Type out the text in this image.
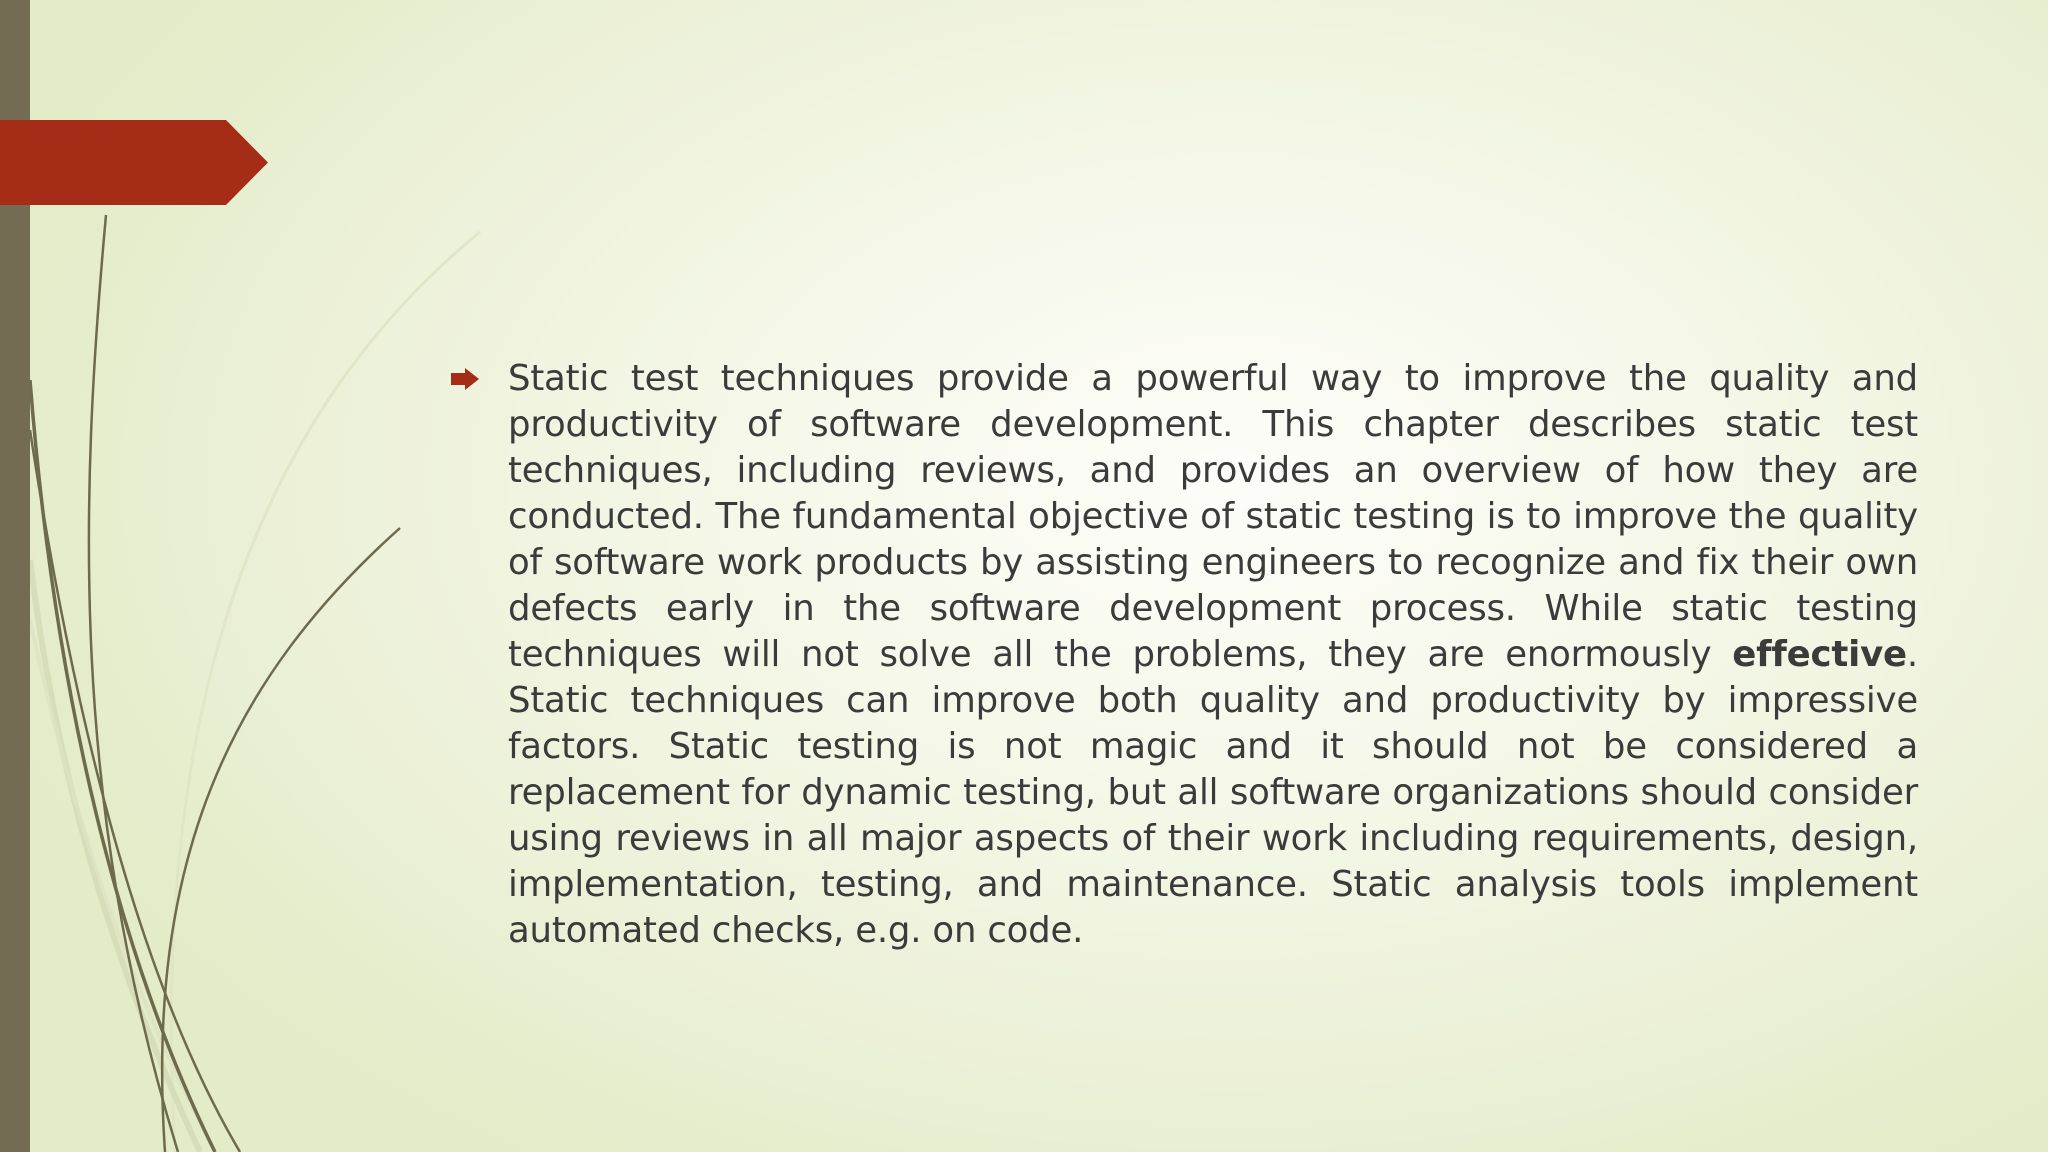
Static test techniques provide a powerful way to improve the quality and productivity of software development. This chapter describes static test techniques, including reviews, and provides an overview of how they are conducted. The fundamental objective of static testing is to improve the quality of software work products by assisting engineers to recognize and fix their own defects early in the software development process. While static testing techniques will not solve all the problems, they are enormously effective. Static techniques can improve both quality and productivity by impressive factors. Static testing is not magic and it should not be considered a replacement for dynamic testing, but all software organizations should consider using reviews in all major aspects of their work including requirements, design, implementation, testing, and maintenance. Static analysis tools implement automated checks, e.g. on code.
